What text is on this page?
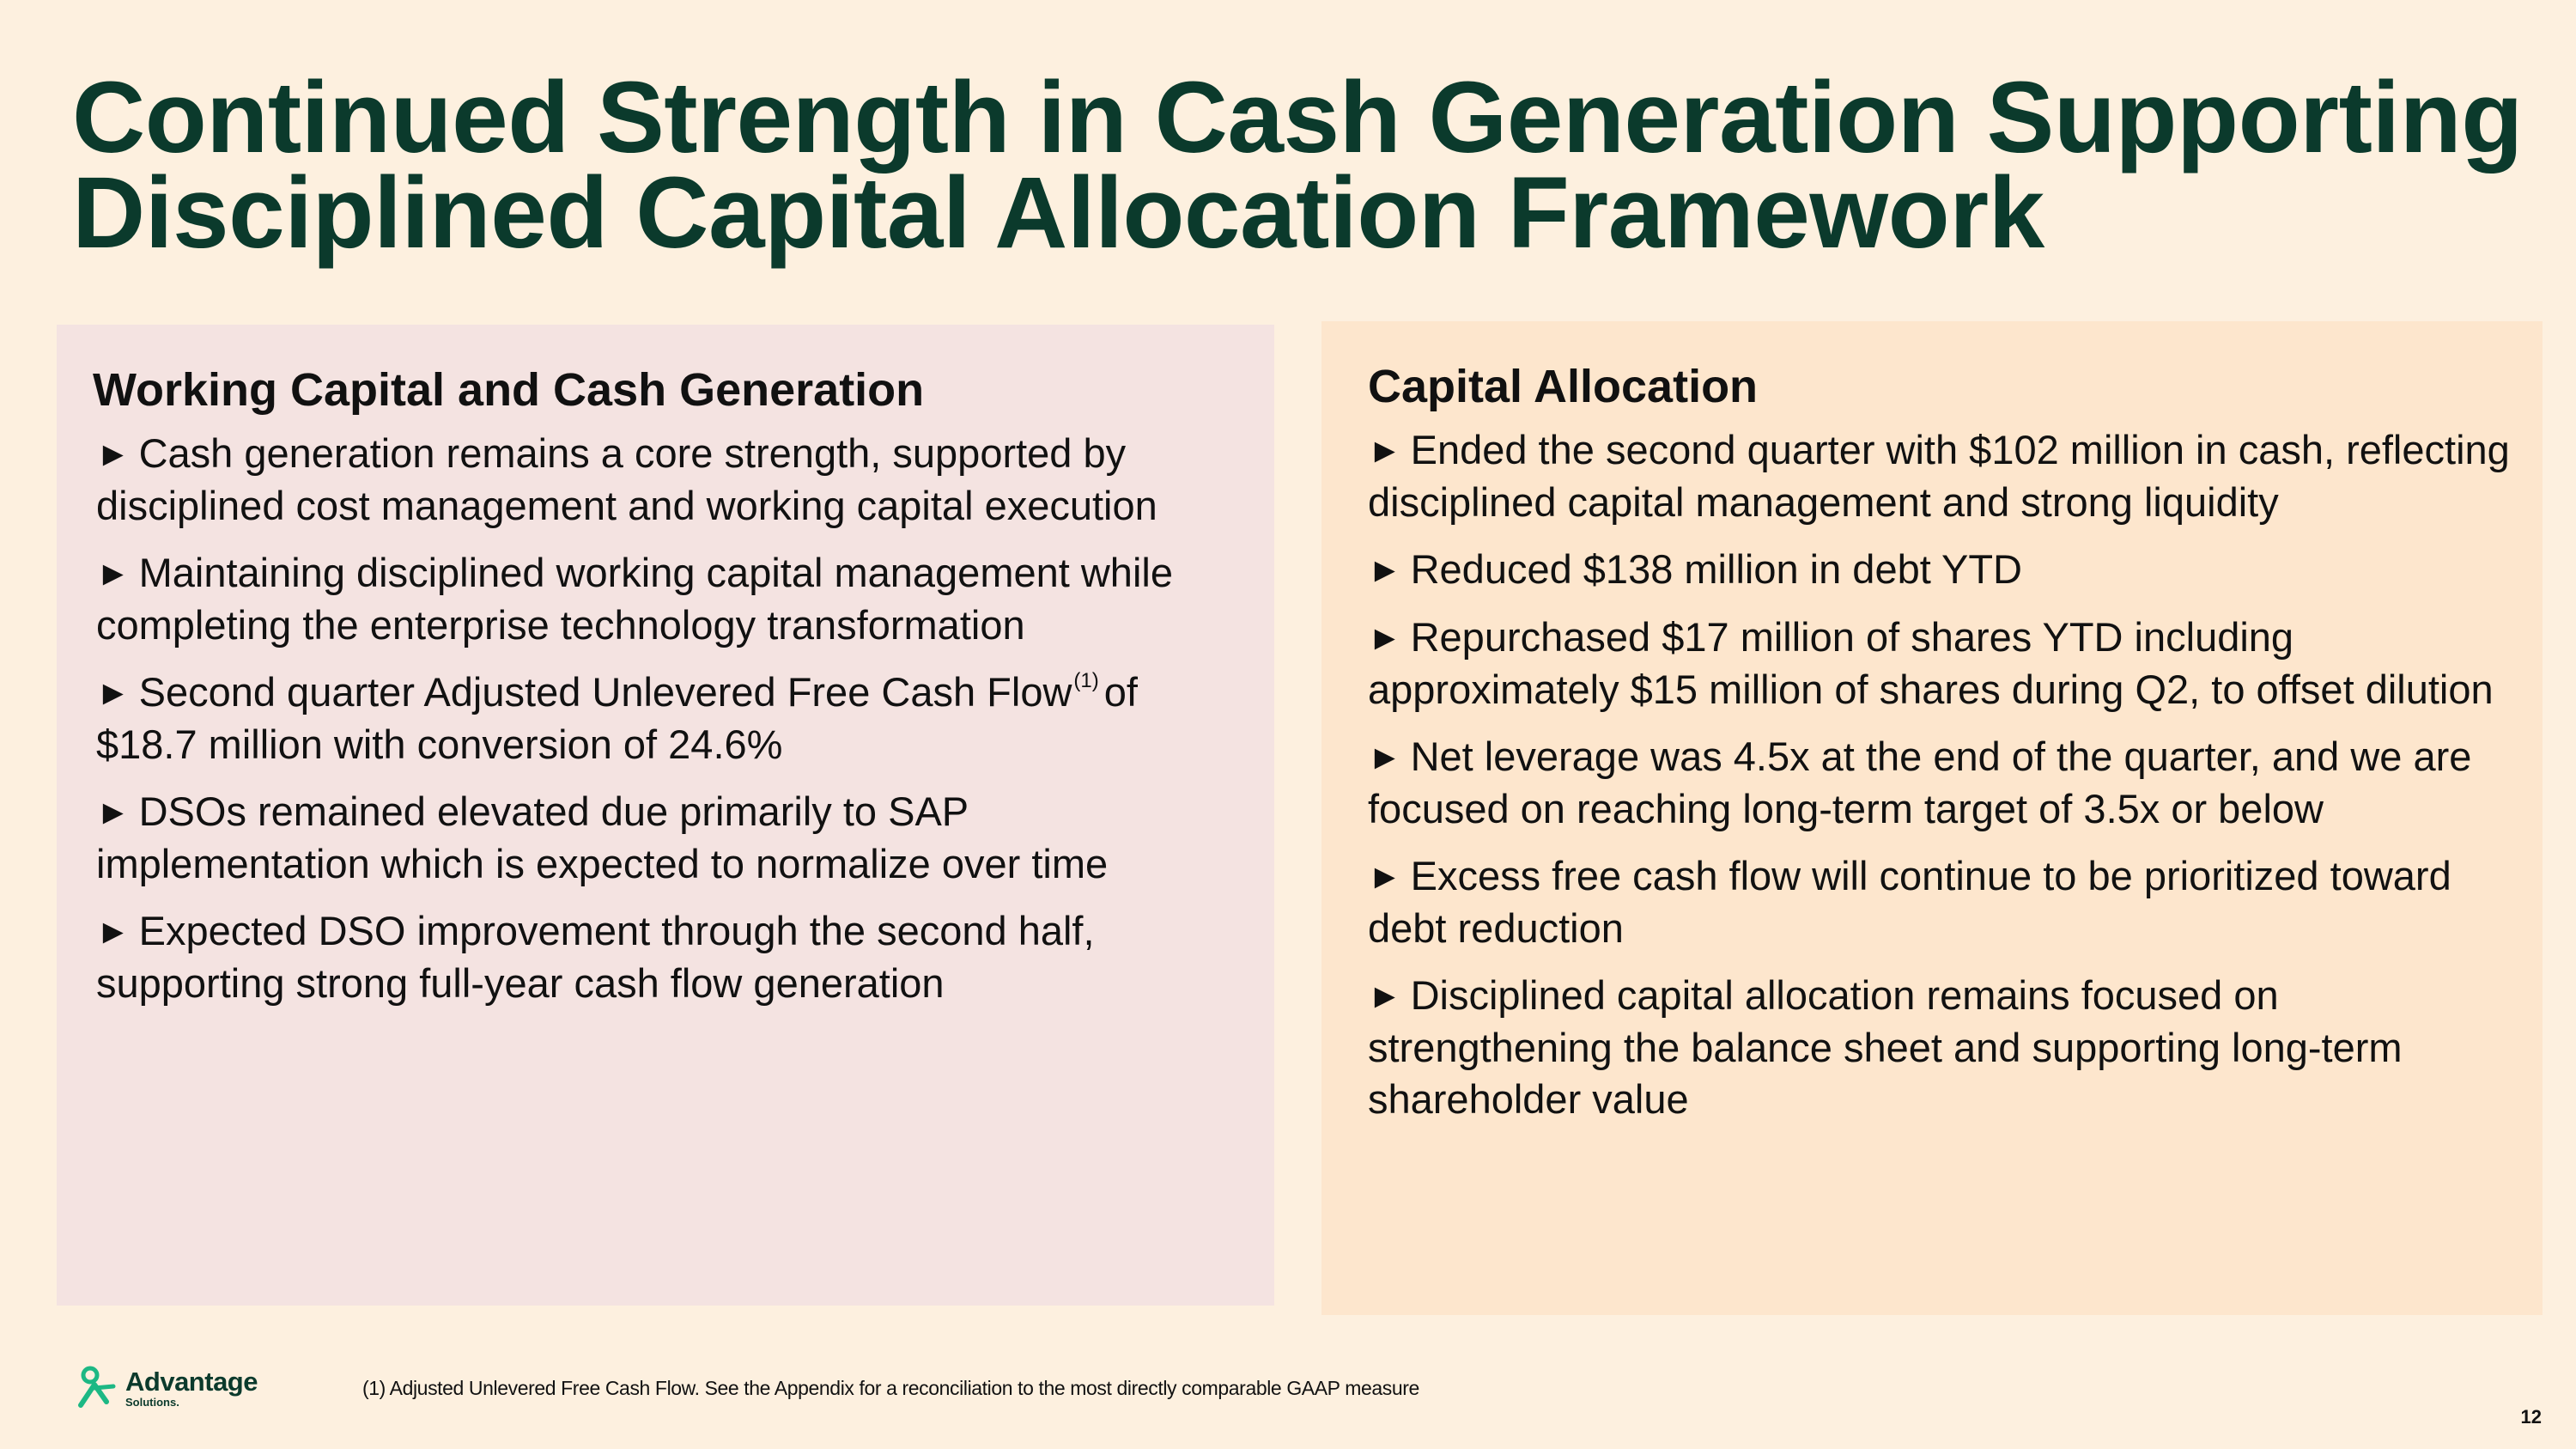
Continued Strength in Cash Generation Supporting
Disciplined Capital Allocation Framework
Working Capital and Cash Generation
► Cash generation remains a core strength, supported by disciplined cost management and working capital execution
► Maintaining disciplined working capital management while completing the enterprise technology transformation
► Second quarter Adjusted Unlevered Free Cash Flow$^{(1)}$ of $18.7 million with conversion of 24.6%
► DSOs remained elevated due primarily to SAP implementation which is expected to normalize over time
► Expected DSO improvement through the second half, supporting strong full-year cash flow generation
Capital Allocation
► Ended the second quarter with $102 million in cash, reflecting disciplined capital management and strong liquidity
► Reduced $138 million in debt YTD
► Repurchased $17 million of shares YTD including approximately $15 million of shares during Q2, to offset dilution
► Net leverage was 4.5x at the end of the quarter, and we are focused on reaching long-term target of 3.5x or below
► Excess free cash flow will continue to be prioritized toward debt reduction
► Disciplined capital allocation remains focused on strengthening the balance sheet and supporting long-term shareholder value
Advantage
Solutions.
(1) Adjusted Unlevered Free Cash Flow. See the Appendix for a reconciliation to the most directly comparable GAAP measure
12
